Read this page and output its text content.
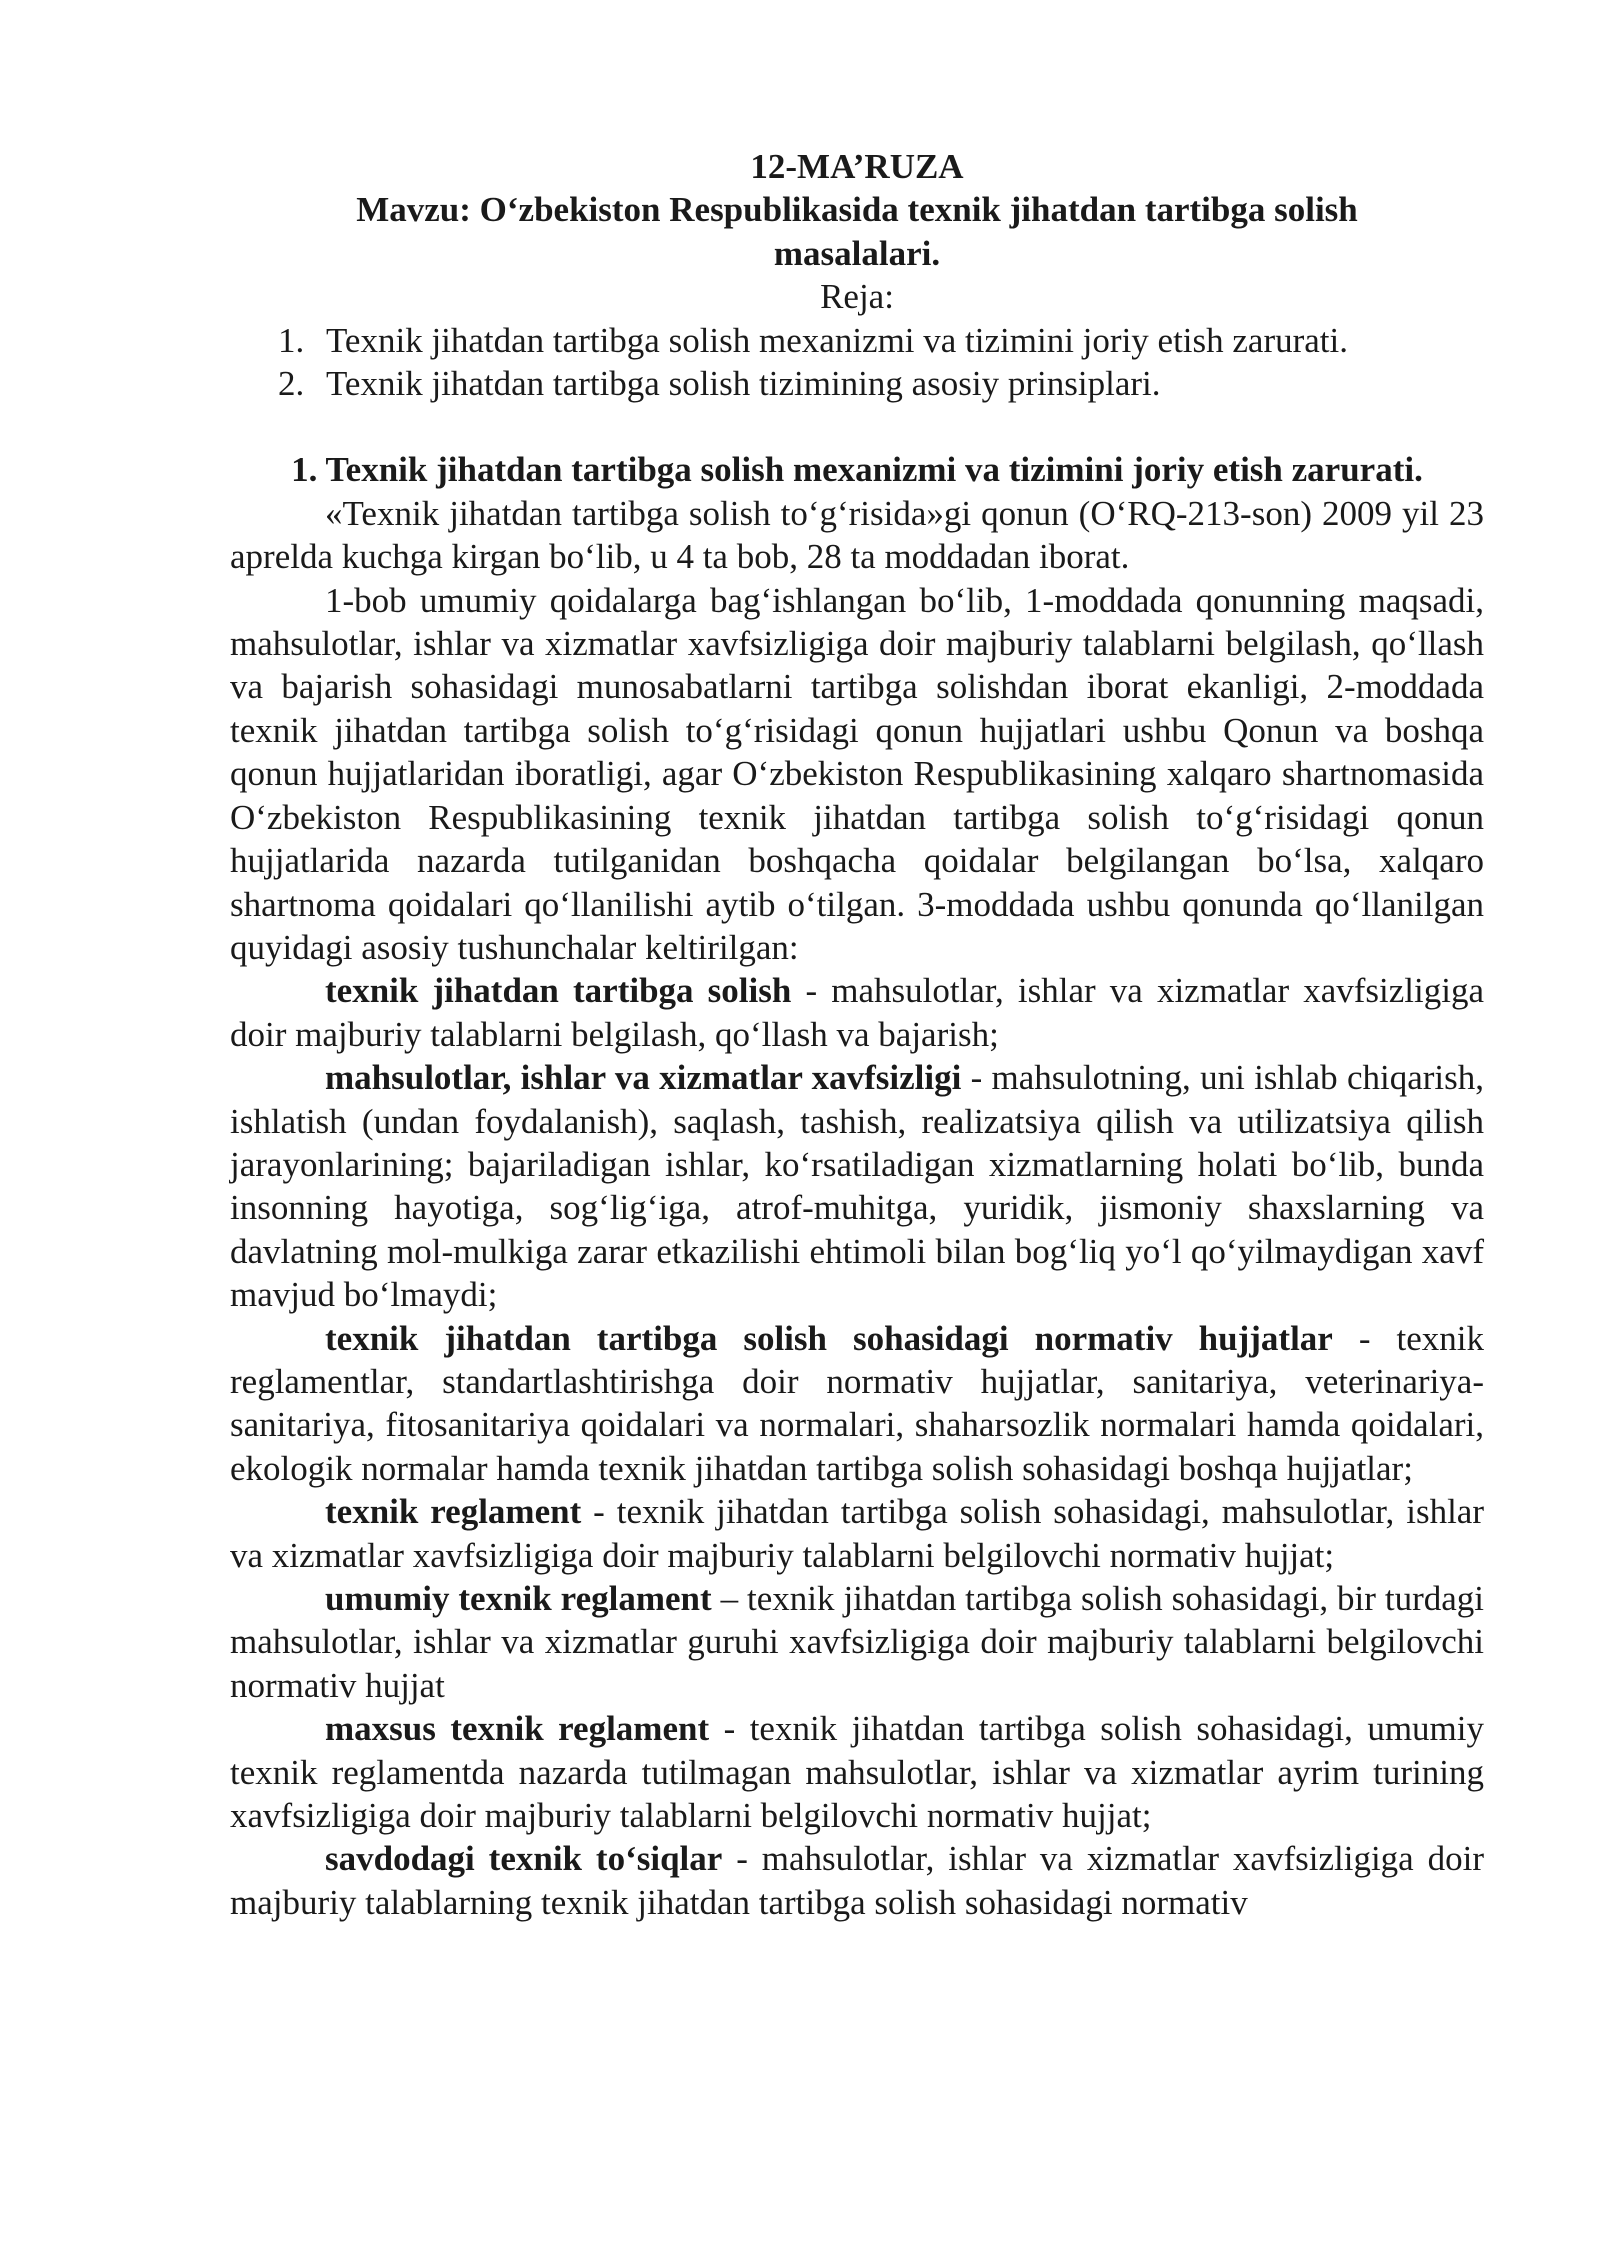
12-MA’RUZA
Mavzu: O‘zbekiston Respublikasida texnik jihatdan tartibga solish masalalari.
Reja:
1. Texnik jihatdan tartibga solish mexanizmi va tizimini joriy etish zarurati.
2. Texnik jihatdan tartibga solish tizimining asosiy prinsiplari.
1. Texnik jihatdan tartibga solish mexanizmi va tizimini joriy etish zarurati.

«Texnik jihatdan tartibga solish to‘g‘risida»gi qonun (O‘RQ-213-son) 2009 yil 23 aprelda kuchga kirgan bo‘lib, u 4 ta bob, 28 ta moddadan iborat.

1-bob umumiy qoidalarga bag‘ishlangan bo‘lib, 1-moddada qonunning maqsadi, mahsulotlar, ishlar va xizmatlar xavfsizligiga doir majburiy talablarni belgilash, qo‘llash va bajarish sohasidagi munosabatlarni tartibga solishdan iborat ekanligi, 2-moddada texnik jihatdan tartibga solish to‘g‘risidagi qonun hujjatlari ushbu Qonun va boshqa qonun hujjatlaridan iboratligi, agar O‘zbekiston Respublikasining xalqaro shartnomasida O‘zbekiston Respublikasining texnik jihatdan tartibga solish to‘g‘risidagi qonun hujjatlarida nazarda tutilganidan boshqacha qoidalar belgilangan bo‘lsa, xalqaro shartnoma qoidalari qo‘llanilishi aytib o‘tilgan. 3-moddada ushbu qonunda qo‘llanilgan quyidagi asosiy tushunchalar keltirilgan:

texnik jihatdan tartibga solish - mahsulotlar, ishlar va xizmatlar xavfsizligiga doir majburiy talablarni belgilash, qo‘llash va bajarish;

mahsulotlar, ishlar va xizmatlar xavfsizligi - mahsulotning, uni ishlab chiqarish, ishlatish (undan foydalanish), saqlash, tashish, realizatsiya qilish va utilizatsiya qilish jarayonlarining; bajariladigan ishlar, ko‘rsatiladigan xizmatlarning holati bo‘lib, bunda insonning hayotiga, sog‘lig‘iga, atrof-muhitga, yuridik, jismoniy shaxslarning va davlatning mol-mulkiga zarar etkazilishi ehtimoli bilan bog‘liq yo‘l qo‘yilmaydigan xavf mavjud bo‘lmaydi;

texnik jihatdan tartibga solish sohasidagi normativ hujjatlar - texnik reglamentlar, standartlashtirishga doir normativ hujjatlar, sanitariya, veterinariya-sanitariya, fitosanitariya qoidalari va normalari, shaharsozlik normalari hamda qoidalari, ekologik normalar hamda texnik jihatdan tartibga solish sohasidagi boshqa hujjatlar;

texnik reglament - texnik jihatdan tartibga solish sohasidagi, mahsulotlar, ishlar va xizmatlar xavfsizligiga doir majburiy talablarni belgilovchi normativ hujjat;

umumiy texnik reglament – texnik jihatdan tartibga solish sohasidagi, bir turdagi mahsulotlar, ishlar va xizmatlar guruhi xavfsizligiga doir majburiy talablarni belgilovchi normativ hujjat

maxsus texnik reglament - texnik jihatdan tartibga solish sohasidagi, umumiy texnik reglamentda nazarda tutilmagan mahsulotlar, ishlar va xizmatlar ayrim turining xavfsizligiga doir majburiy talablarni belgilovchi normativ hujjat;

savdodagi texnik to‘siqlar - mahsulotlar, ishlar va xizmatlar xavfsizligiga doir majburiy talablarning texnik jihatdan tartibga solish sohasidagi normativ
